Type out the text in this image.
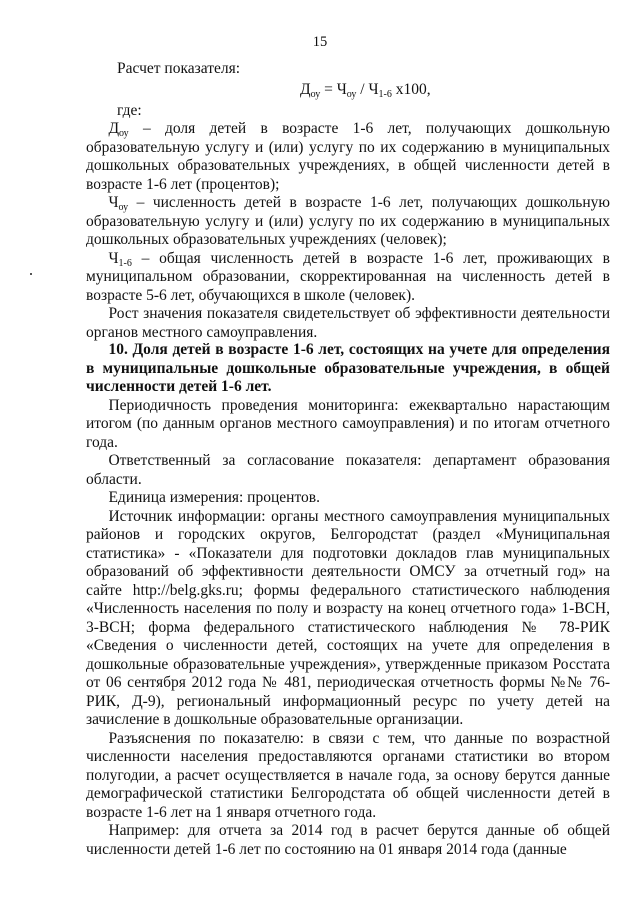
15
Расчет показателя:
$Д_{оу} = Ч_{оу} / Ч_{1-6}$ х100,
где:

$Д_{оу}$ – доля детей в возрасте 1-6 лет, получающих дошкольную образовательную услугу и (или) услугу по их содержанию в муниципальных дошкольных образовательных учреждениях, в общей численности детей в возрасте 1-6 лет (процентов);

$Ч_{оу}$ – численность детей в возрасте 1-6 лет, получающих дошкольную образовательную услугу и (или) услугу по их содержанию в муниципальных дошкольных образовательных учреждениях (человек);

$Ч_{1-6}$ – общая численность детей в возрасте 1-6 лет, проживающих в муниципальном образовании, скорректированная на численность детей в возрасте 5-6 лет, обучающихся в школе (человек).

Рост значения показателя свидетельствует об эффективности деятельности органов местного самоуправления.

10. Доля детей в возрасте 1-6 лет, состоящих на учете для определения в муниципальные дошкольные образовательные учреждения, в общей численности детей 1-6 лет.

Периодичность проведения мониторинга: ежеквартально нарастающим итогом (по данным органов местного самоуправления) и по итогам отчетного года.

Ответственный за согласование показателя: департамент образования области.

Единица измерения: процентов.

Источник информации: органы местного самоуправления муниципальных районов и городских округов, Белгородстат (раздел «Муниципальная статистика» - «Показатели для подготовки докладов глав муниципальных образований об эффективности деятельности ОМСУ за отчетный год» на сайте http://belg.gks.ru; формы федерального статистического наблюдения «Численность населения по полу и возрасту на конец отчетного года» 1-ВСН, 3-ВСН; форма федерального статистического наблюдения № 78-РИК «Сведения о численности детей, состоящих на учете для определения в дошкольные образовательные учреждения», утвержденные приказом Росстата от 06 сентября 2012 года № 481, периодическая отчетность формы №№ 76-РИК, Д-9), региональный информационный ресурс по учету детей на зачисление в дошкольные образовательные организации.

Разъяснения по показателю: в связи с тем, что данные по возрастной численности населения предоставляются органами статистики во втором полугодии, а расчет осуществляется в начале года, за основу берутся данные демографической статистики Белгородстата об общей численности детей в возрасте 1-6 лет на 1 января отчетного года.

Например: для отчета за 2014 год в расчет берутся данные об общей численности детей 1-6 лет по состоянию на 01 января 2014 года (данные
